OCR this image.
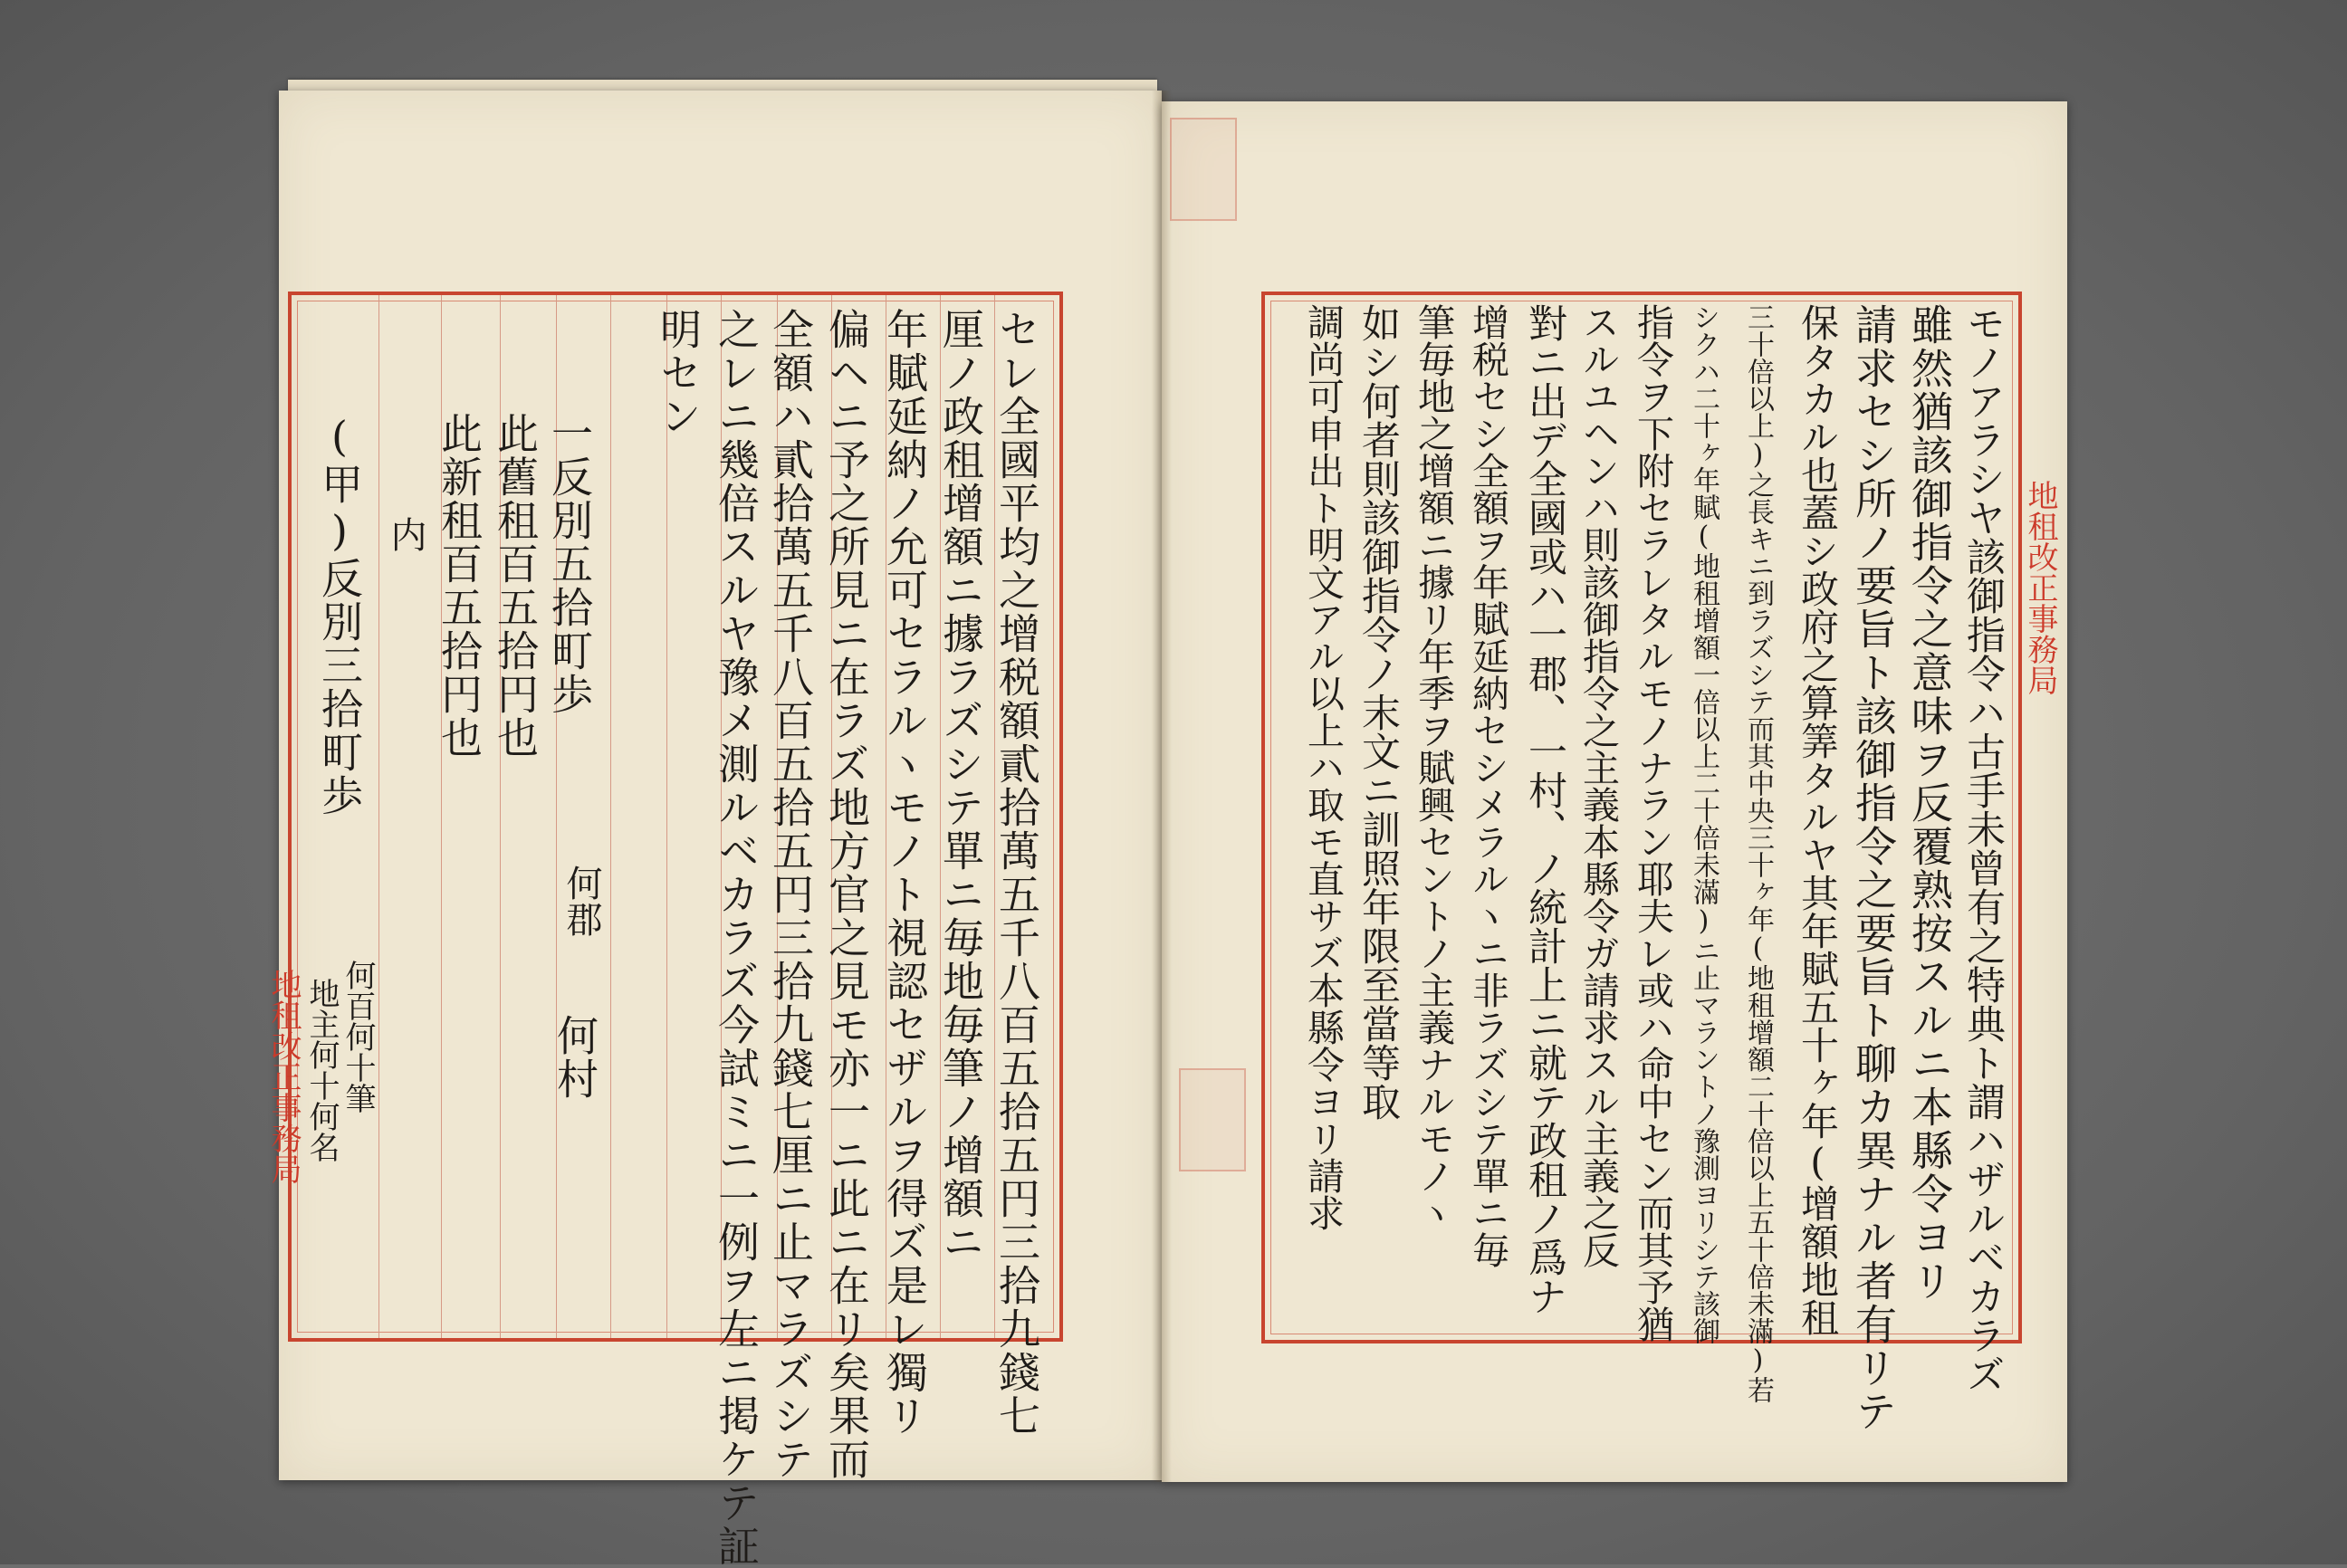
セレ全國平均之增税額貳拾萬五千八百五拾五円三拾九錢七
厘ノ政租增額ニ據ラズシテ單ニ毎地毎筆ノ增額ニ
年賦延納ノ允可セラルヽモノト視認セザルヲ得ズ是レ獨リ
偏ヘニ予之所見ニ在ラズ地方官之見モ亦一ニ此ニ在リ矣果而
全額ハ貳拾萬五千八百五拾五円三拾九錢七厘ニ止マラズシテ
之レニ幾倍スルヤ豫メ測ルベカラズ今試ミニ一例ヲ左ニ掲ケテ証
明セン
一反別五拾町歩
此舊租百五拾円也
此新租百五拾円也
内
(甲)反別三拾町歩
何郡
何村
何百何十筆
地主何十何名
地租改正事務局	モノアラシヤ該御指令ハ古手未曾有之特典ト謂ハザルベカラズ
雖然猶該御指令之意味ヲ反覆熟按スルニ本縣令ヨリ
請求セシ所ノ要旨ト該御指令之要旨ト聊カ異ナル者有リテ
保タカル也蓋シ政府之算筭タルヤ其年賦五十ヶ年(增額地租
三十倍以上)之長キニ到ラズシテ而其中央三十ヶ年(地租增額二十倍以上五十倍未滿)若
シクハ二十ヶ年賦(地租增額一倍以上二十倍未滿)ニ止マラントノ豫測ヨリシテ該御
指令ヲ下附セラレタルモノナラン耶夫レ或ハ命中セン而其予猶
スルユヘンハ則該御指令之主義本縣令ガ請求スル主義之反
對ニ出デ全國或ハ一郡、一村、ノ統計上ニ就テ政租ノ爲ナ
增税セシ全額ヲ年賦延納セシメラルヽニ非ラズシテ單ニ毎
筆毎地之增額ニ據リ年季ヲ賦興セントノ主義ナルモノヽ
如シ何者則該御指令ノ末文ニ訓照年限至當等取
調尚可申出ト明文アル以上ハ取モ直サズ本縣令ヨリ請求	地租改正事務局
